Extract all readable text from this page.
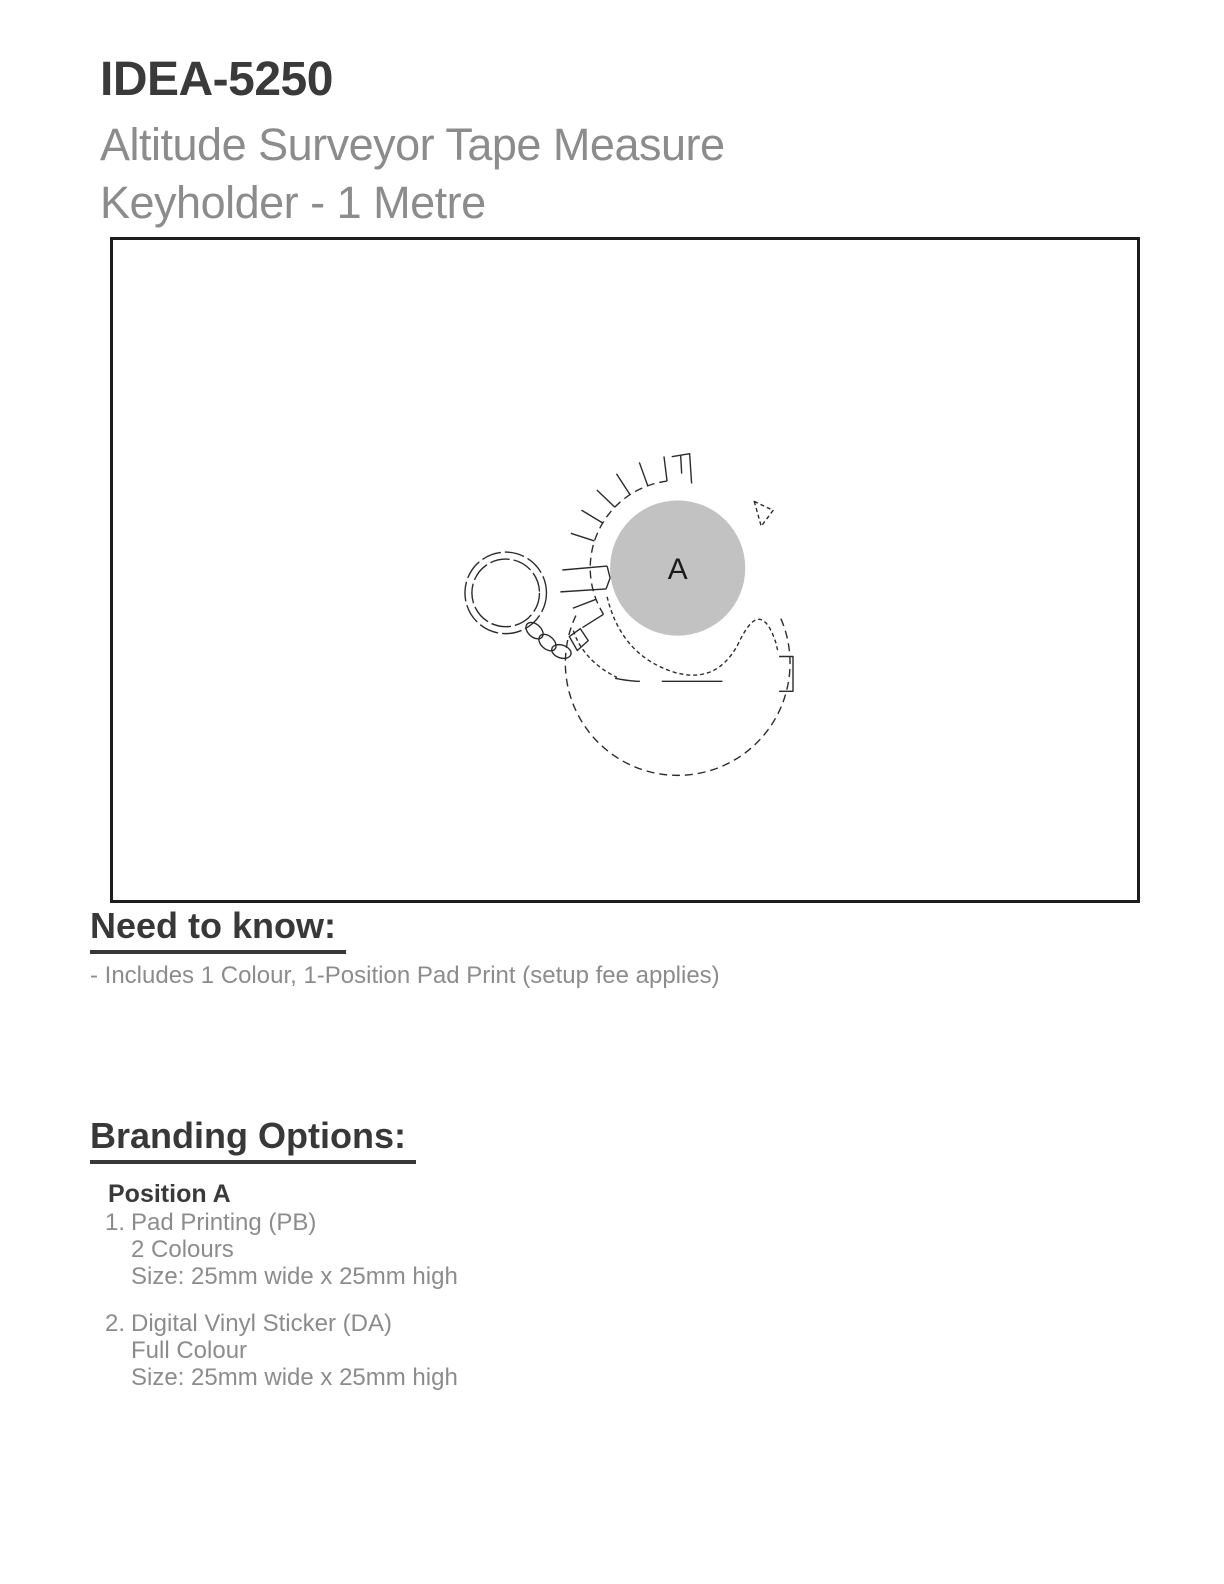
IDEA-5250
Altitude Surveyor Tape Measure
Keyholder - 1 Metre
A
Need to know:
- Includes 1 Colour, 1-Position Pad Print (setup fee applies)
Branding Options:
Position A
1. Pad Printing (PB)
2 Colours
Size: 25mm wide x 25mm high
2. Digital Vinyl Sticker (DA)
Full Colour
Size: 25mm wide x 25mm high
